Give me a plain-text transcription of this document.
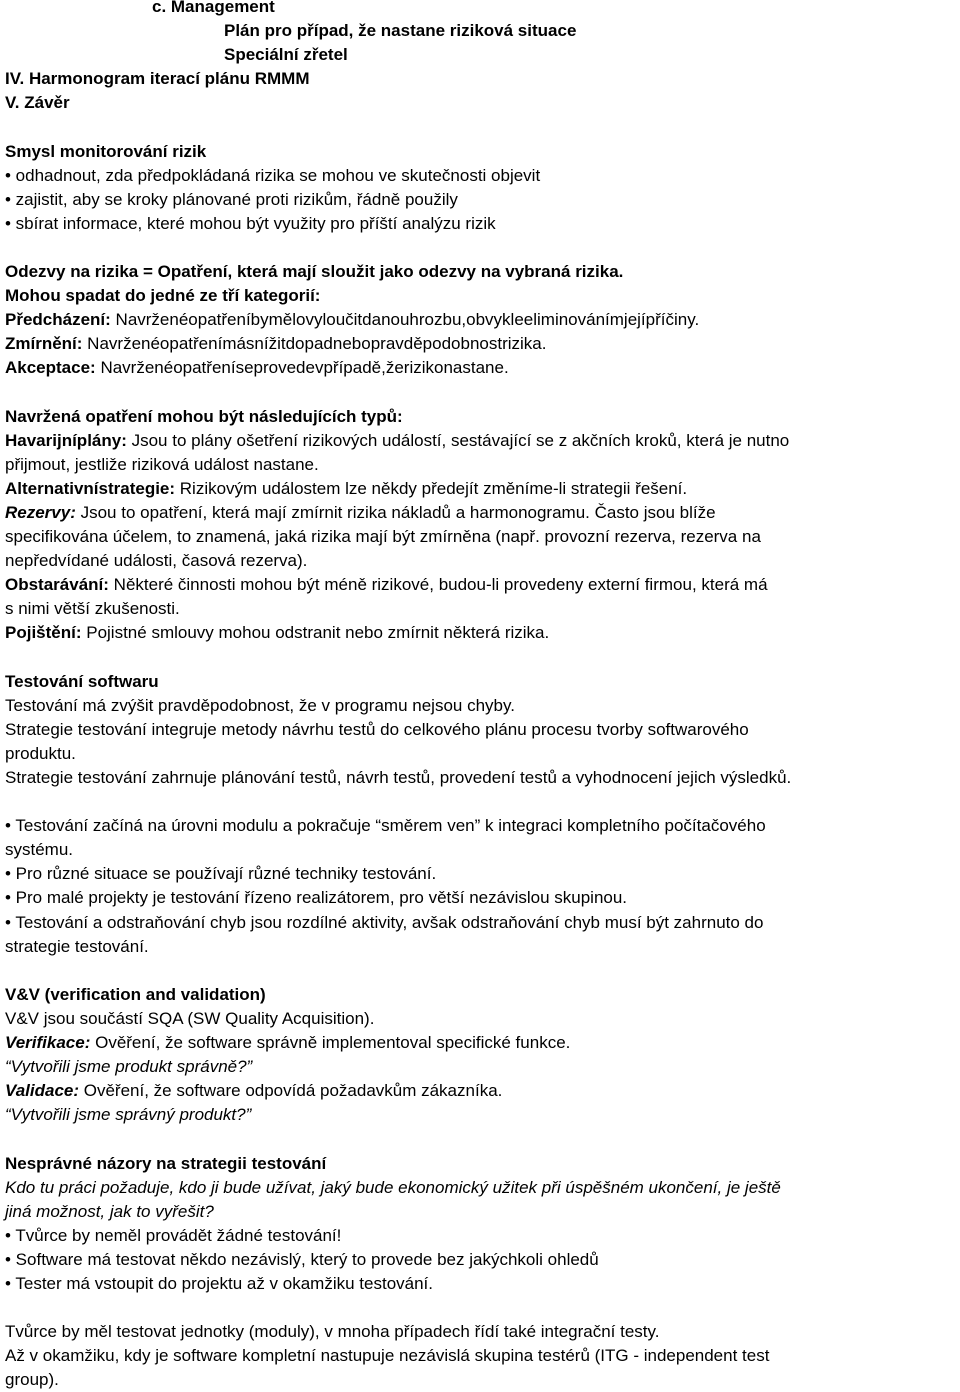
c. Management
Plán pro případ, že nastane riziková situace
Speciální zřetel
IV. Harmonogram iterací plánu RMMM
V. Závěr
Smysl monitorování rizik
• odhadnout, zda předpokládaná rizika se mohou ve skutečnosti objevit
• zajistit, aby se kroky plánované proti rizikům, řádně použily
• sbírat informace, které mohou být využity pro příští analýzu rizik
Odezvy na rizika = Opatření, která mají sloužit jako odezvy na vybraná rizika.
Mohou spadat do jedné ze tří kategorií:
Předcházení: Navrženéopatřeníbymělovyloučitdanouhrozbu,obvykleeliminovánímjejípříčiny.
Zmírnění: Navrženéopatřenímásnížitdopadnebopravděpodobnostrizika.
Akceptace: Navrženéopatřeníseprovedevpřípadě,žerizikonastane.
Navržená opatření mohou být následujících typů:
Havarijníplány: Jsou to plány ošetření rizikových událostí, sestávající se z akčních kroků, která je nutno
přijmout, jestliže riziková událost nastane.
Alternativnístrategie: Rizikovým událostem lze někdy předejít změníme-li strategii řešení.
Rezervy: Jsou to opatření, která mají zmírnit rizika nákladů a harmonogramu. Často jsou blíže
specifikována účelem, to znamená, jaká rizika mají být zmírněna (např. provozní rezerva, rezerva na
nepředvídané události, časová rezerva).
Obstarávání: Některé činnosti mohou být méně rizikové, budou-li provedeny externí firmou, která má
s nimi větší zkušenosti.
Pojištění: Pojistné smlouvy mohou odstranit nebo zmírnit některá rizika.
Testování softwaru
Testování má zvýšit pravděpodobnost, že v programu nejsou chyby.
Strategie testování integruje metody návrhu testů do celkového plánu procesu tvorby softwarového
produktu.
Strategie testování zahrnuje plánování testů, návrh testů, provedení testů a vyhodnocení jejich výsledků.
• Testování začíná na úrovni modulu a pokračuje “směrem ven” k integraci kompletního počítačového
systému.
• Pro různé situace se používají různé techniky testování.
• Pro malé projekty je testování řízeno realizátorem, pro větší nezávislou skupinou.
• Testování a odstraňování chyb jsou rozdílné aktivity, avšak odstraňování chyb musí být zahrnuto do
strategie testování.
V&V (verification and validation)
V&V jsou součástí SQA (SW Quality Acquisition).
Verifikace: Ověření, že software správně implementoval specifické funkce.
“Vytvořili jsme produkt správně?”
Validace: Ověření, že software odpovídá požadavkům zákazníka.
“Vytvořili jsme správný produkt?”
Nesprávné názory na strategii testování
Kdo tu práci požaduje, kdo ji bude užívat, jaký bude ekonomický užitek při úspěšném ukončení, je ještě
jiná možnost, jak to vyřešit?
• Tvůrce by neměl provádět žádné testování!
• Software má testovat někdo nezávislý, který to provede bez jakýchkoli ohledů
• Tester má vstoupit do projektu až v okamžiku testování.
Tvůrce by měl testovat jednotky (moduly), v mnoha případech řídí také integrační testy.
Až v okamžiku, kdy je software kompletní nastupuje nezávislá skupina testérů (ITG - independent test
group).
